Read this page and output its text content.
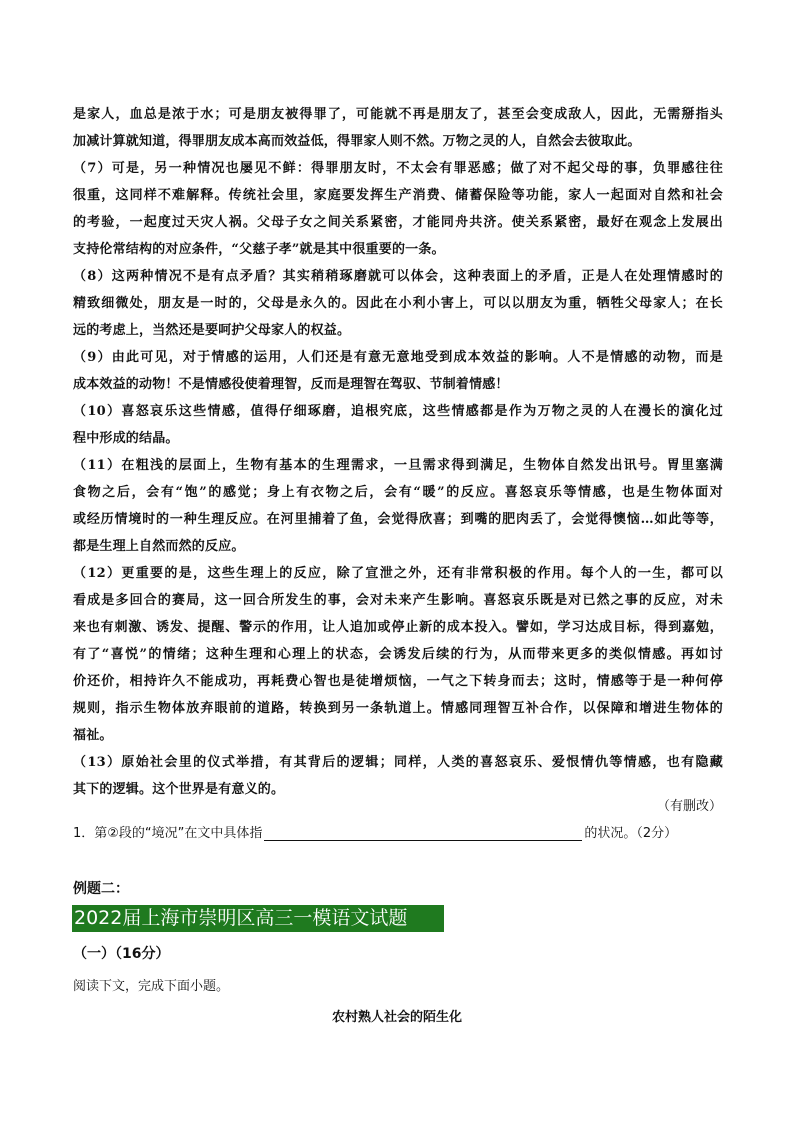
是家人，血总是浓于水；可是朋友被得罪了，可能就不再是朋友了，甚至会变成敌人，因此，无需掰指头
加减计算就知道，得罪朋友成本高而效益低，得罪家人则不然。万物之灵的人，自然会去彼取此。
（7）可是，另一种情况也屡见不鲜：得罪朋友时，不太会有罪恶感；做了对不起父母的事，负罪感往往
很重，这同样不难解释。传统社会里，家庭要发挥生产消费、储蓄保险等功能，家人一起面对自然和社会
的考验，一起度过天灾人祸。父母子女之间关系紧密，才能同舟共济。使关系紧密，最好在观念上发展出
支持伦常结构的对应条件，“父慈子孝”就是其中很重要的一条。
（8）这两种情况不是有点矛盾？其实稍稍琢磨就可以体会，这种表面上的矛盾，正是人在处理情感时的
精致细微处，朋友是一时的，父母是永久的。因此在小利小害上，可以以朋友为重，牺牲父母家人；在长
远的考虑上，当然还是要呵护父母家人的权益。
（9）由此可见，对于情感的运用，人们还是有意无意地受到成本效益的影响。人不是情感的动物，而是
成本效益的动物！不是情感役使着理智，反而是理智在驾驭、节制着情感！
（10）喜怒哀乐这些情感，值得仔细琢磨，追根究底，这些情感都是作为万物之灵的人在漫长的演化过
程中形成的结晶。
（11）在粗浅的层面上，生物有基本的生理需求，一旦需求得到满足，生物体自然发出讯号。胃里塞满
食物之后，会有“饱”的感觉；身上有衣物之后，会有“暖”的反应。喜怒哀乐等情感，也是生物体面对
或经历情境时的一种生理反应。在河里捕着了鱼，会觉得欣喜；到嘴的肥肉丢了，会觉得懊恼…如此等等，
都是生理上自然而然的反应。
（12）更重要的是，这些生理上的反应，除了宣泄之外，还有非常积极的作用。每个人的一生，都可以
看成是多回合的赛局，这一回合所发生的事，会对未来产生影响。喜怒哀乐既是对已然之事的反应，对未
来也有刺激、诱发、提醒、警示的作用，让人追加或停止新的成本投入。譬如，学习达成目标，得到嘉勉，
有了“喜悦”的情绪；这种生理和心理上的状态，会诱发后续的行为，从而带来更多的类似情感。再如讨
价还价，相持许久不能成功，再耗费心智也是徒增烦恼，一气之下转身而去；这时，情感等于是一种何停
规则，指示生物体放弃眼前的道路，转换到另一条轨道上。情感同理智互补合作，以保障和增进生物体的
福祉。
（13）原始社会里的仪式举措，有其背后的逻辑；同样，人类的喜怒哀乐、爱恨情仇等情感，也有隐藏
其下的逻辑。这个世界是有意义的。
（有删改）
1．第②段的“境况”在文中具体指	的状况。（2分）
例题二：
2022届上海市崇明区高三一模语文试题
（一）（16分）
阅读下文，完成下面小题。
农村熟人社会的陌生化
